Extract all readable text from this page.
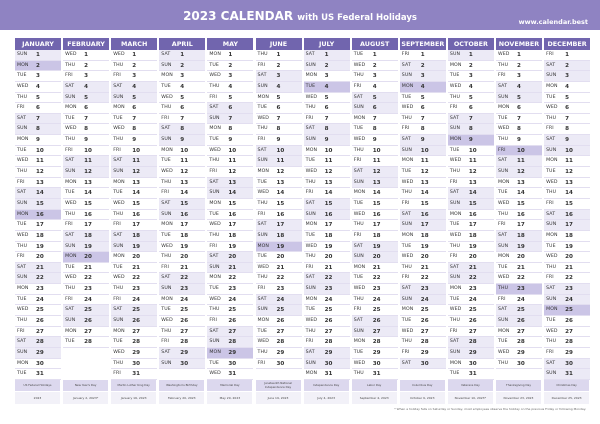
2023 CALENDAR with US Federal Holidays	www.calendar.best
JANUARY
SUN 1
MON 2
TUE 3
WED 4
THU 5
FRI 6
SAT 7
SUN 8
MON 9
TUE 10
WED 11
THU 12
FRI 13
SAT 14
SUN 15
MON 16
TUE 17
WED 18
THU 19
FRI 20
SAT 21
SUN 22
MON 23
TUE 24
WED 25
THU 26
FRI 27
SAT 28
SUN 29
MON 30
TUE 31
FEBRUARY
WED 1
THU 2
FRI 3
SAT 4
SUN 5
MON 6
TUE 7
WED 8
THU 9
FRI 10
SAT 11
SUN 12
MON 13
TUE 14
WED 15
THU 16
FRI 17
SAT 18
SUN 19
MON 20
TUE 21
WED 22
THU 23
FRI 24
SAT 25
SUN 26
MON 27
TUE 28
MARCH
WED 1
THU 2
FRI 3
SAT 4
SUN 5
MON 6
TUE 7
WED 8
THU 9
FRI 10
SAT 11
SUN 12
MON 13
TUE 14
WED 15
THU 16
FRI 17
SAT 18
SUN 19
MON 20
TUE 21
WED 22
THU 23
FRI 24
SAT 25
SUN 26
MON 27
TUE 28
WED 29
THU 30
FRI 31
APRIL
SAT 1
SUN 2
MON 3
TUE 4
WED 5
THU 6
FRI 7
SAT 8
SUN 9
MON 10
TUE 11
WED 12
THU 13
FRI 14
SAT 15
SUN 16
MON 17
TUE 18
WED 19
THU 20
FRI 21
SAT 22
SUN 23
MON 24
TUE 25
WED 26
THU 27
FRI 28
SAT 29
SUN 30
MAY
MON 1
TUE 2
WED 3
THU 4
FRI 5
SAT 6
SUN 7
MON 8
TUE 9
WED 10
THU 11
FRI 12
SAT 13
SUN 14
MON 15
TUE 16
WED 17
THU 18
FRI 19
SAT 20
SUN 21
MON 22
TUE 23
WED 24
THU 25
FRI 26
SAT 27
SUN 28
MON 29
TUE 30
WED 31
JUNE
THU 1
FRI 2
SAT 3
SUN 4
MON 5
TUE 6
WED 7
THU 8
FRI 9
SAT 10
SUN 11
MON 12
TUE 13
WED 14
THU 15
FRI 16
SAT 17
SUN 18
MON 19
TUE 20
WED 21
THU 22
FRI 23
SAT 24
SUN 25
MON 26
TUE 27
WED 28
THU 29
FRI 30
JULY
SAT 1
SUN 2
MON 3
TUE 4
WED 5
THU 6
FRI 7
SAT 8
SUN 9
MON 10
TUE 11
WED 12
THU 13
FRI 14
SAT 15
SUN 16
MON 17
TUE 18
WED 19
THU 20
FRI 21
SAT 22
SUN 23
MON 24
TUE 25
WED 26
THU 27
FRI 28
SAT 29
SUN 30
MON 31
AUGUST
TUE 1
WED 2
THU 3
FRI 4
SAT 5
SUN 6
MON 7
TUE 8
WED 9
THU 10
FRI 11
SAT 12
SUN 13
MON 14
TUE 15
WED 16
THU 17
FRI 18
SAT 19
SUN 20
MON 21
TUE 22
WED 23
THU 24
FRI 25
SAT 26
SUN 27
MON 28
TUE 29
WED 30
THU 31
SEPTEMBER
FRI 1
SAT 2
SUN 3
MON 4
TUE 5
WED 6
THU 7
FRI 8
SAT 9
SUN 10
MON 11
TUE 12
WED 13
THU 14
FRI 15
SAT 16
SUN 17
MON 18
TUE 19
WED 20
THU 21
FRI 22
SAT 23
SUN 24
MON 25
TUE 26
WED 27
THU 28
FRI 29
SAT 30
OCTOBER
SUN 1
MON 2
TUE 3
WED 4
THU 5
FRI 6
SAT 7
SUN 8
MON 9
TUE 10
WED 11
THU 12
FRI 13
SAT 14
SUN 15
MON 16
TUE 17
WED 18
THU 19
FRI 20
SAT 21
SUN 22
MON 23
TUE 24
WED 25
THU 26
FRI 27
SAT 28
SUN 29
MON 30
TUE 31
NOVEMBER
WED 1
THU 2
FRI 3
SAT 4
SUN 5
MON 6
TUE 7
WED 8
THU 9
FRI 10
SAT 11
SUN 12
MON 13
TUE 14
WED 15
THU 16
FRI 17
SAT 18
SUN 19
MON 20
TUE 21
WED 22
THU 23
FRI 24
SAT 25
SUN 26
MON 27
TUE 28
WED 29
THU 30
DECEMBER
FRI 1
SAT 2
SUN 3
MON 4
TUE 5
WED 6
THU 7
FRI 8
SAT 9
SUN 10
MON 11
TUE 12
WED 13
THU 14
FRI 15
SAT 16
SUN 17
MON 18
TUE 19
WED 20
THU 21
FRI 22
SAT 23
SUN 24
MON 25
TUE 26
WED 27
THU 28
FRI 29
SAT 30
SUN 31
US Federal Holidays
2023
New Year's Day
January 2, 2023*
Martin Luther King Day
January 16, 2023
Washington's Birthday
February 20, 2023
Memorial Day
May 29, 2023
Juneteenth National Independence Day
June 19, 2023
Independence Day
July 4, 2023
Labor Day
September 4, 2023
Columbus Day
October 9, 2023
Veterans Day
November 10, 2023*
Thanksgiving Day
November 23, 2023
Christmas Day
December 25, 2023
* When a holiday falls on Saturday or Sunday, most employees observe the holiday on the previous Friday or following Monday.
